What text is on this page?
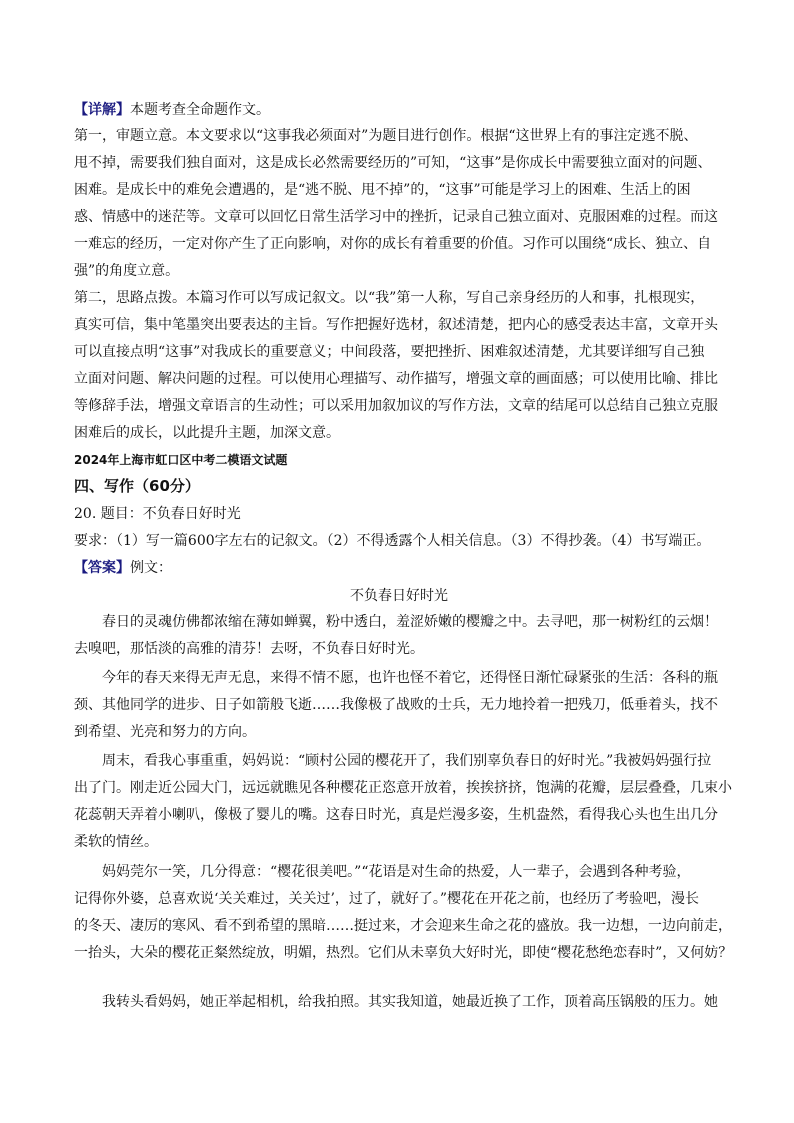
【详解】本题考查全命题作文。
第一，审题立意。本文要求以“这事我必须面对”为题目进行创作。根据“这世界上有的事注定逃不脱、
甩不掉，需要我们独自面对，这是成长必然需要经历的”可知，“这事”是你成长中需要独立面对的问题、
困难。是成长中的难免会遭遇的，是“逃不脱、甩不掉”的，“这事”可能是学习上的困难、生活上的困
惑、情感中的迷茫等。文章可以回忆日常生活学习中的挫折，记录自己独立面对、克服困难的过程。而这
一难忘的经历，一定对你产生了正向影响，对你的成长有着重要的价值。习作可以围绕“成长、独立、自
强”的角度立意。
第二，思路点拨。本篇习作可以写成记叙文。以“我”第一人称，写自己亲身经历的人和事，扎根现实，
真实可信，集中笔墨突出要表达的主旨。写作把握好选材，叙述清楚，把内心的感受表达丰富，文章开头
可以直接点明“这事”对我成长的重要意义；中间段落，要把挫折、困难叙述清楚，尤其要详细写自己独
立面对问题、解决问题的过程。可以使用心理描写、动作描写，增强文章的画面感；可以使用比喻、排比
等修辞手法，增强文章语言的生动性；可以采用加叙加议的写作方法，文章的结尾可以总结自己独立克服
困难后的成长，以此提升主题，加深文意。
2024年上海市虹口区中考二模语文试题
四、写作（60分）
20. 题目：不负春日好时光
要求：（1）写一篇600字左右的记叙文。（2）不得透露个人相关信息。（3）不得抄袭。（4）书写端正。
【答案】例文：
不负春日好时光
春日的灵魂仿佛都浓缩在薄如蝉翼，粉中透白，羞涩娇嫩的樱瓣之中。去寻吧，那一树粉红的云烟！
去嗅吧，那恬淡的高雅的清芬！去呀，不负春日好时光。
今年的春天来得无声无息，来得不情不愿，也许也怪不着它，还得怪日渐忙碌紧张的生活：各科的瓶
颈、其他同学的进步、日子如箭般飞逝……我像极了战败的士兵，无力地拎着一把残刀，低垂着头，找不
到希望、光亮和努力的方向。
周末，看我心事重重，妈妈说：“顾村公园的樱花开了，我们别辜负春日的好时光。”我被妈妈强行拉
出了门。刚走近公园大门，远远就瞧见各种樱花正恣意开放着，挨挨挤挤，饱满的花瓣，层层叠叠，几束小
花蕊朝天弄着小喇叭，像极了婴儿的嘴。这春日时光，真是烂漫多姿，生机盎然，看得我心头也生出几分
柔软的情丝。
妈妈莞尔一笑，几分得意：“樱花很美吧。”“花语是对生命的热爱，人一辈子，会遇到各种考验，
记得你外婆，总喜欢说‘关关难过，关关过’，过了，就好了。”樱花在开花之前，也经历了考验吧，漫长
的冬天、凄厉的寒风、看不到希望的黑暗……挺过来，才会迎来生命之花的盛放。我一边想，一边向前走，
一抬头，大朵的樱花正粲然绽放，明媚，热烈。它们从未辜负大好时光，即使“樱花愁绝恋春时”，又何妨？
我转头看妈妈，她正举起相机，给我拍照。其实我知道，她最近换了工作，顶着高压锅般的压力。她
